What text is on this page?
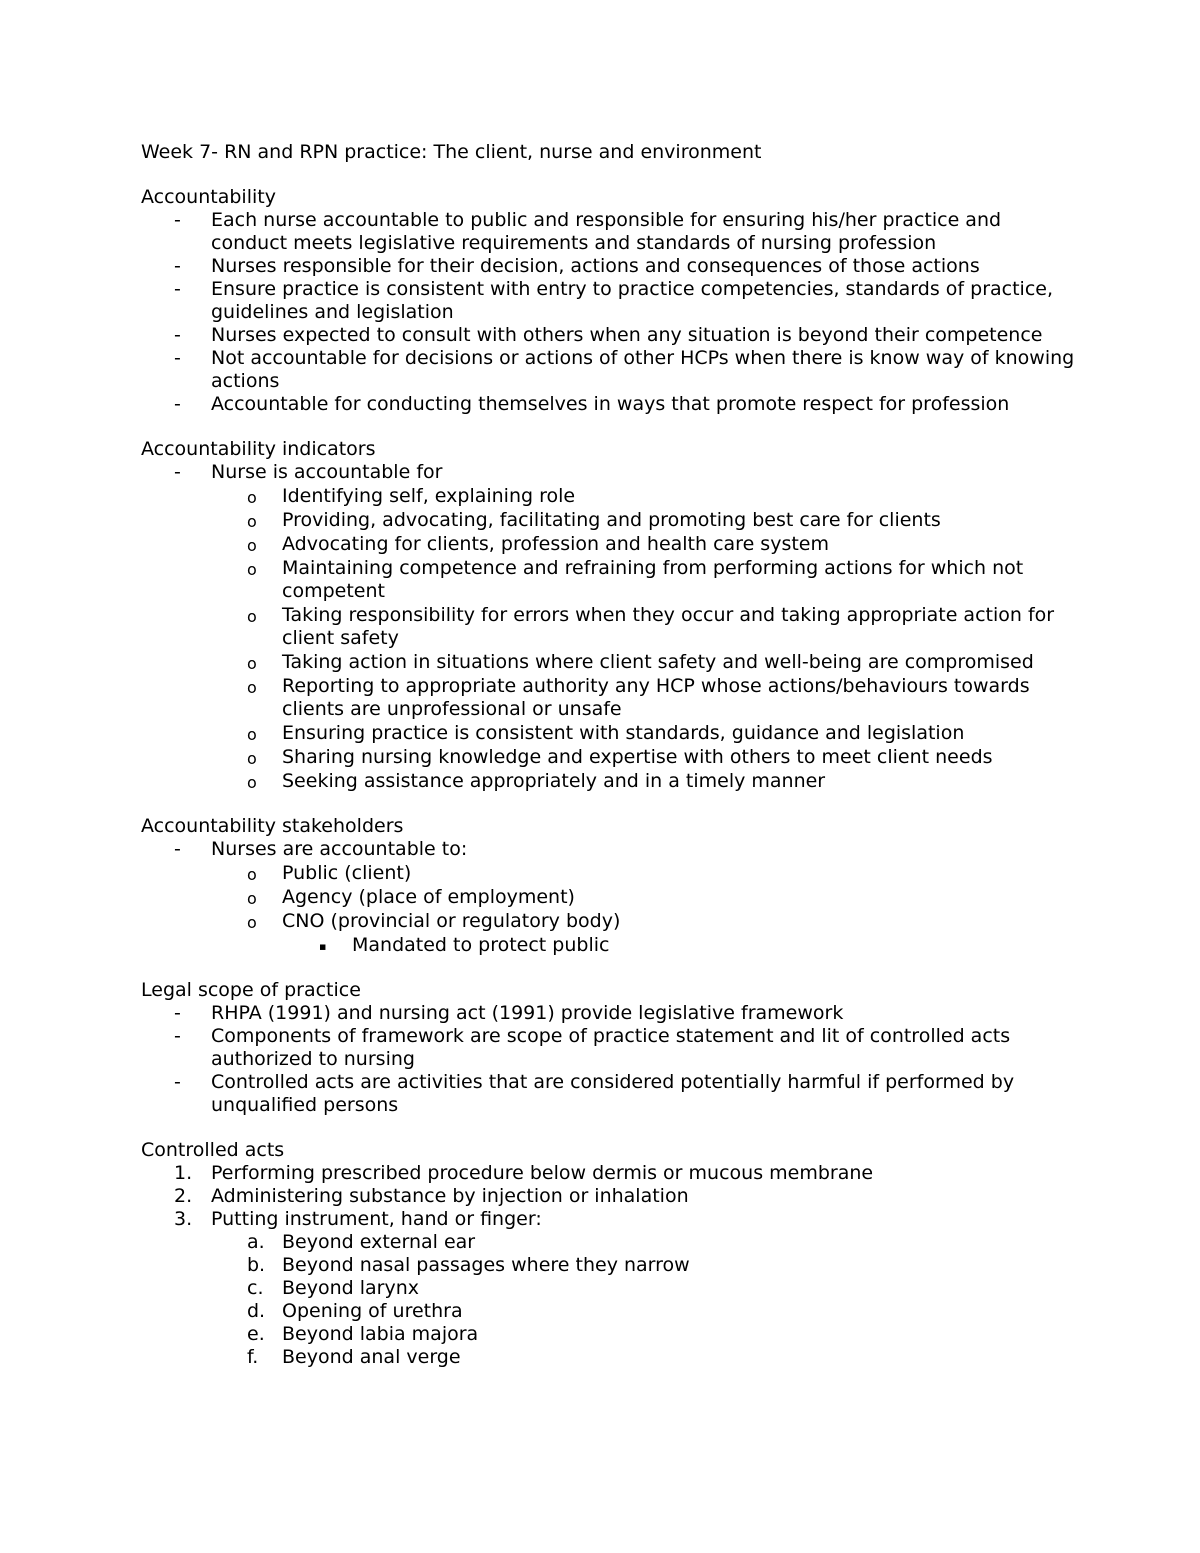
Week 7- RN and RPN practice: The client, nurse and environment
Accountability
- Each nurse accountable to public and responsible for ensuring his/her practice and conduct meets legislative requirements and standards of nursing profession
- Nurses responsible for their decision, actions and consequences of those actions
- Ensure practice is consistent with entry to practice competencies, standards of practice, guidelines and legislation
- Nurses expected to consult with others when any situation is beyond their competence
- Not accountable for decisions or actions of other HCPs when there is know way of knowing actions
- Accountable for conducting themselves in ways that promote respect for profession
Accountability indicators
- Nurse is accountable for
o Identifying self, explaining role
o Providing, advocating, facilitating and promoting best care for clients
o Advocating for clients, profession and health care system
o Maintaining competence and refraining from performing actions for which not competent
o Taking responsibility for errors when they occur and taking appropriate action for client safety
o Taking action in situations where client safety and well-being are compromised
o Reporting to appropriate authority any HCP whose actions/behaviours towards clients are unprofessional or unsafe
o Ensuring practice is consistent with standards, guidance and legislation
o Sharing nursing knowledge and expertise with others to meet client needs
o Seeking assistance appropriately and in a timely manner
Accountability stakeholders
- Nurses are accountable to:
o Public (client)
o Agency (place of employment)
o CNO (provincial or regulatory body)
▪ Mandated to protect public
Legal scope of practice
- RHPA (1991) and nursing act (1991) provide legislative framework
- Components of framework are scope of practice statement and lit of controlled acts authorized to nursing
- Controlled acts are activities that are considered potentially harmful if performed by unqualified persons
Controlled acts
1. Performing prescribed procedure below dermis or mucous membrane
2. Administering substance by injection or inhalation
3. Putting instrument, hand or finger:
a. Beyond external ear
b. Beyond nasal passages where they narrow
c. Beyond larynx
d. Opening of urethra
e. Beyond labia majora
f. Beyond anal verge
